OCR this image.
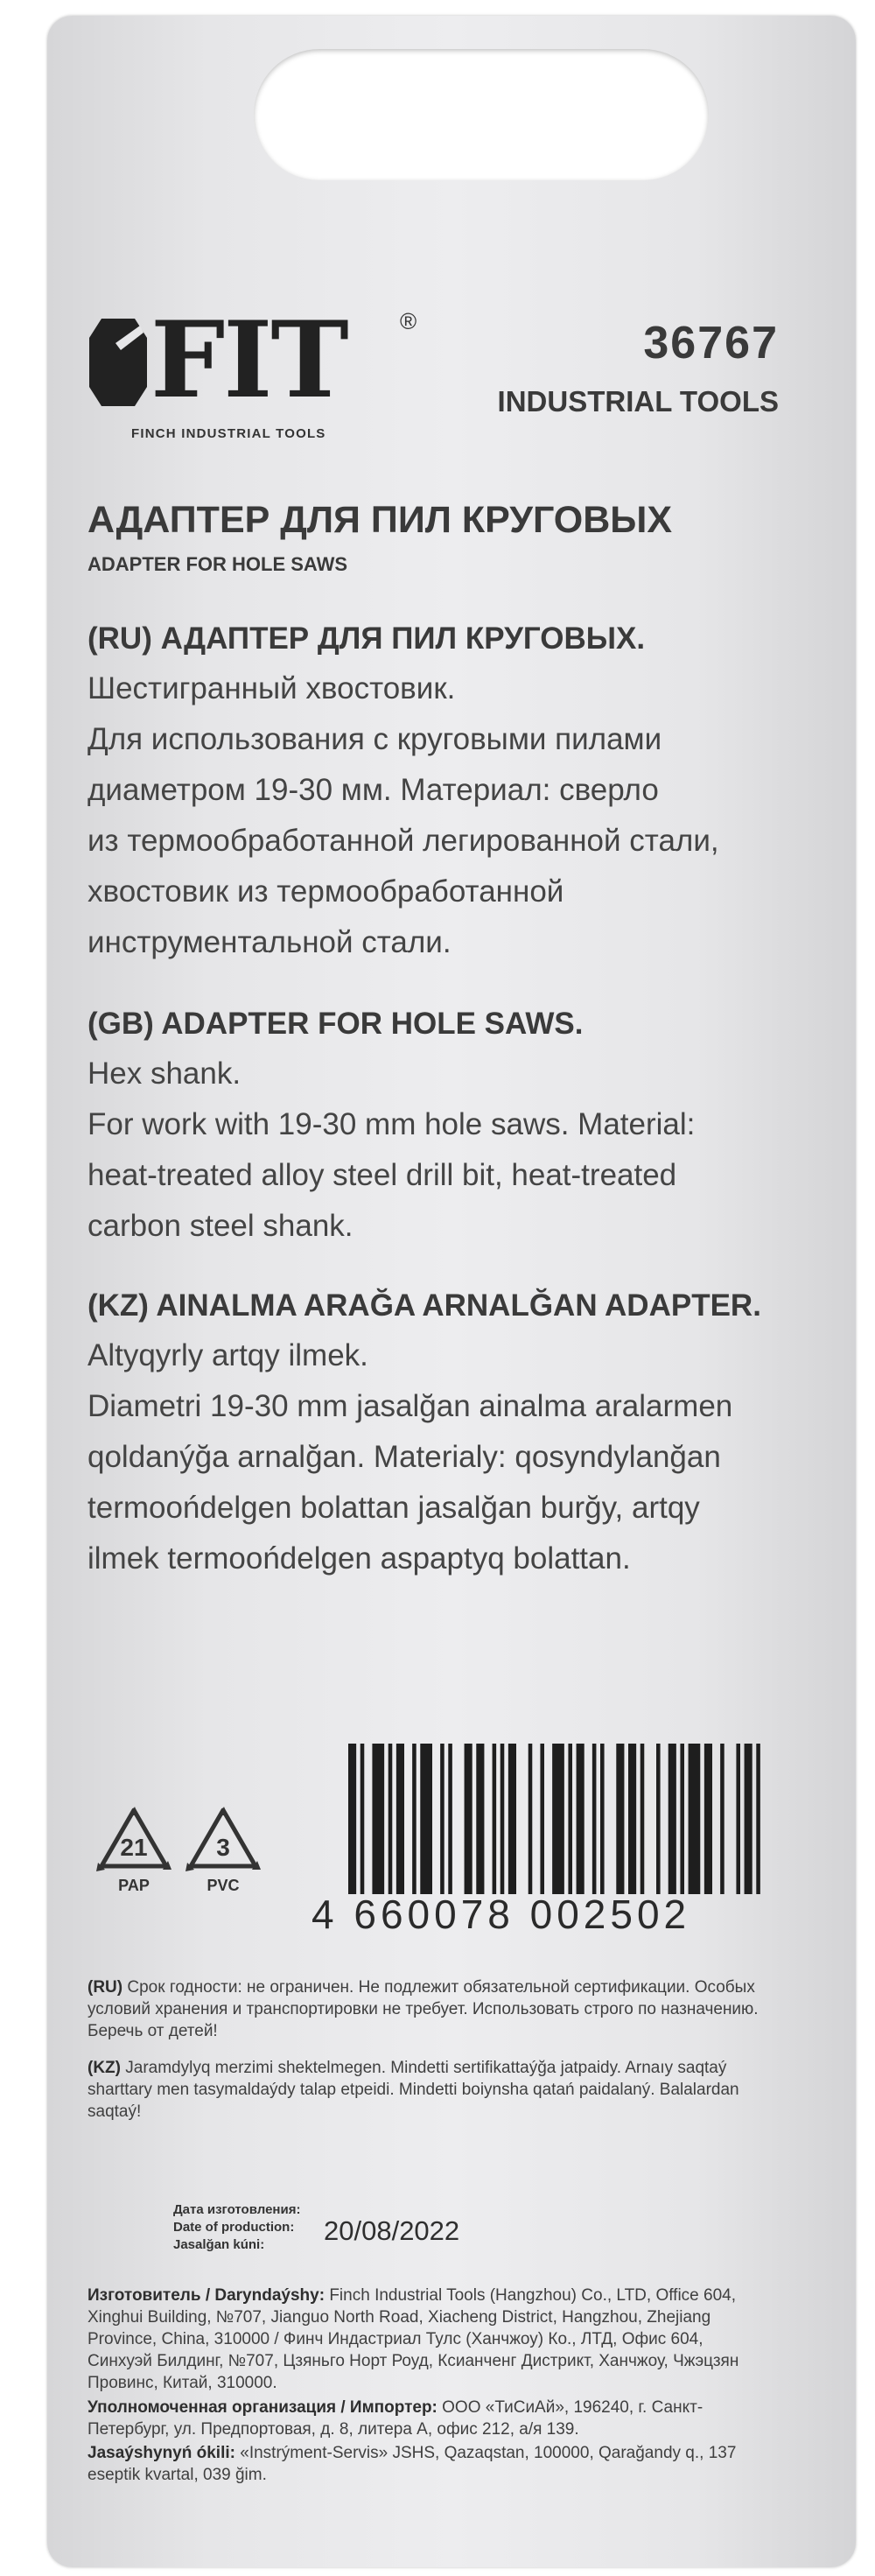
FIT ®
FINCH INDUSTRIAL TOOLS
36767
INDUSTRIAL TOOLS
АДАПТЕР ДЛЯ ПИЛ КРУГОВЫХ
ADAPTER FOR HOLE SAWS
(RU) АДАПТЕР ДЛЯ ПИЛ КРУГОВЫХ.
Шестигранный хвостовик.
Для использования с круговыми пилами
диаметром 19-30 мм. Материал: сверло
из термообработанной легированной стали,
хвостовик из термообработанной
инструментальной стали.
(GB) ADAPTER FOR HOLE SAWS.
Hex shank.
For work with 19-30 mm hole saws. Material:
heat-treated alloy steel drill bit, heat-treated
carbon steel shank.
(KZ) AINALMA ARAĞA ARNALĞAN ADAPTER.
Altyqyrly artqy ilmek.
Diametri 19-30 mm jasalğan ainalma aralarmen
qoldanýğa arnalğan. Materialy: qosyndylanğan
termoońdelgen bolattan jasalğan burğy, artqy
ilmek termoońdelgen aspaptyq bolattan.
21
PAP
3
PVC
4 660078 002502
(RU) Срок годности: не ограничен. Не подлежит обязательной сертификации. Особых условий хранения и транспортировки не требует. Использовать строго по назначению. Беречь от детей!
(KZ) Jaramdylyq merzimi shektelmegen. Mindetti sertifikattaýğa jatpaidy. Arnaıy saqtaý sharttary men tasymaldaýdy talap etpeidi. Mindetti boiynsha qatań paidalaný. Balalardan saqtaý!
Дата изготовления:
Date of production:
Jasalğan kúni:	20/08/2022
Изготовитель / Daryndaýshy: Finch Industrial Tools (Hangzhou) Co., LTD, Office 604, Xinghui Building, №707, Jianguo North Road, Xiacheng District, Hangzhou, Zhejiang Province, China, 310000 / Финч Индастриал Тулс (Ханчжоу) Ко., ЛТД, Офис 604, Синхуэй Билдинг, №707, Цзяньго Норт Роуд, Ксианченг Дистрикт, Ханчжоу, Чжэцзян Провинс, Китай, 310000.
Уполномоченная организация / Импортер: ООО «ТиСиАй», 196240, г. Санкт-Петербург, ул. Предпортовая, д. 8, литера А, офис 212, а/я 139.
Jasaýshynyń ókili: «Instrýment-Servis» JSHS, Qazaqstan, 100000, Qarağandy q., 137 eseptik kvartal, 039 ğim.
